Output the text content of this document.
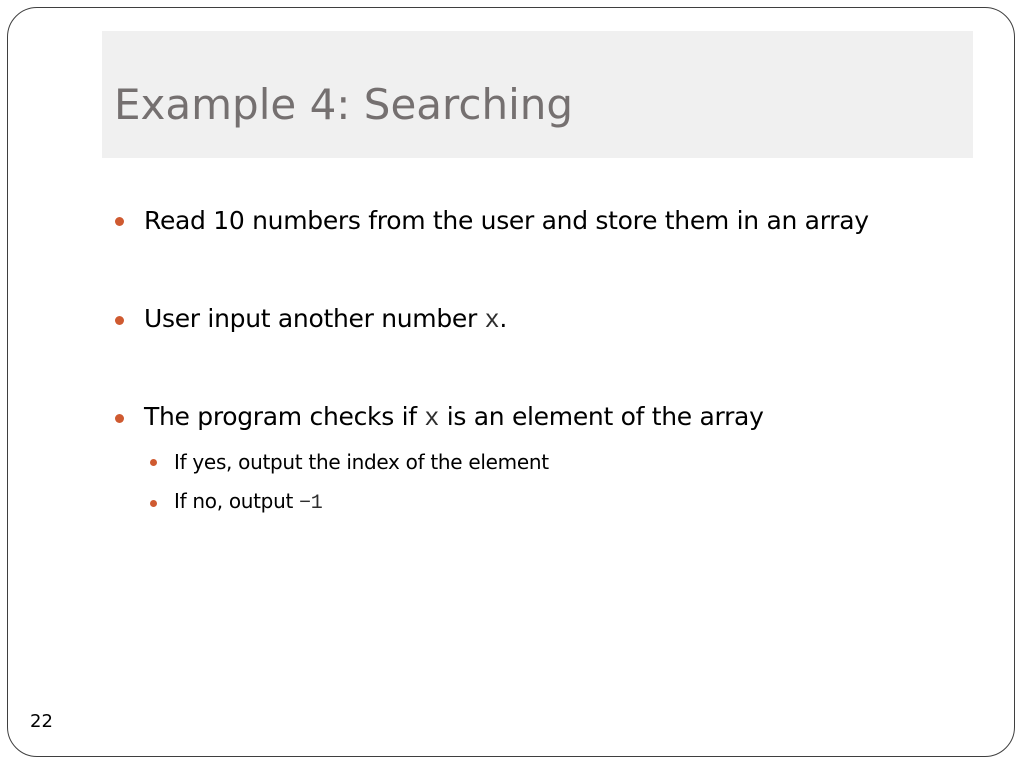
Example 4: Searching
Read 10 numbers from the user and store them in an array
User input another number x.
The program checks if x is an element of the array
If yes, output the index of the element
If no, output −1
22
